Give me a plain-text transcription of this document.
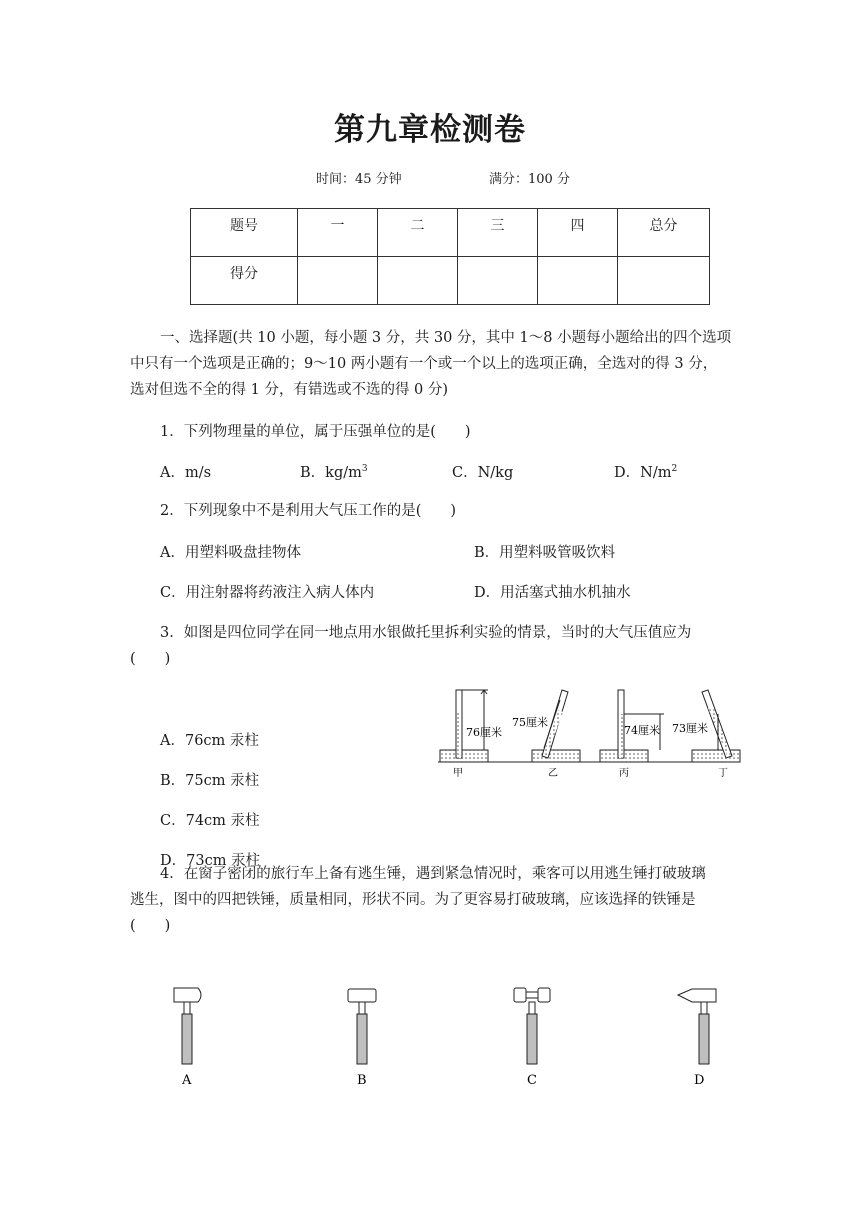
第九章检测卷
时间：45 分钟	满分：100 分
题号	一	二	三	四	总分
得分					
一、选择题(共 10 小题，每小题 3 分，共 30 分，其中 1～8 小题每小题给出的四个选项
中只有一个选项是正确的；9～10 两小题有一个或一个以上的选项正确，全选对的得 3 分，
选对但选不全的得 1 分，有错选或不选的得 0 分)
1．下列物理量的单位，属于压强单位的是(　　)
A．m/s	B．$kg/m^3$	C．N/kg	D．$N/m^2$
2．下列现象中不是利用大气压工作的是(　　)
A．用塑料吸盘挂物体	B．用塑料吸管吸饮料
C．用注射器将药液注入病人体内	D．用活塞式抽水机抽水
3．如图是四位同学在同一地点用水银做托里拆利实验的情景，当时的大气压值应为
(　　)
A．76cm 汞柱
B．75cm 汞柱
C．74cm 汞柱
D．73cm 汞柱
76厘米
甲
75厘米
乙
74厘米
丙
73厘米
丁
4．在窗子密闭的旅行车上备有逃生锤，遇到紧急情况时，乘客可以用逃生锤打破玻璃
逃生，图中的四把铁锤，质量相同，形状不同。为了更容易打破玻璃，应该选择的铁锤是
(　　)
A	B	C	D
